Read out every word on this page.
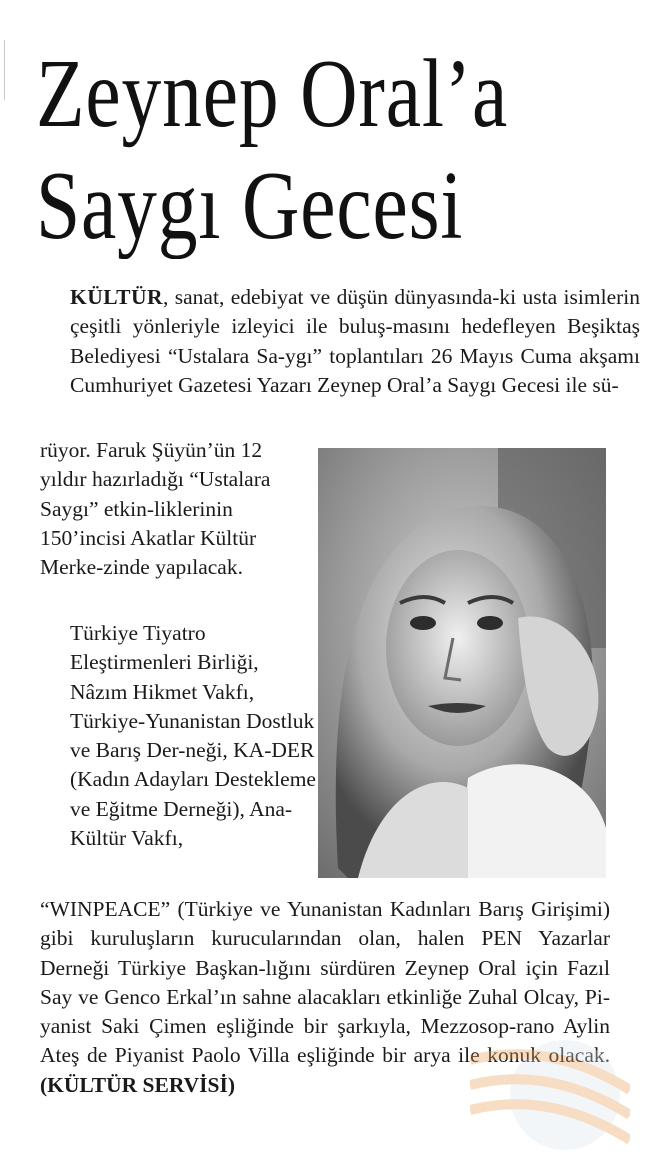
Zeynep Oral’a
Saygı Gecesi
KÜLTÜR, sanat, edebiyat ve düşün dünyasında-ki usta isimlerin çeşitli yönleriyle izleyici ile buluş-masını hedefleyen Beşiktaş Belediyesi “Ustalara Sa-ygı” toplantıları 26 Mayıs Cuma akşamı Cumhuriyet Gazetesi Yazarı Zeynep Oral’a Saygı Gecesi ile sü-
rüyor. Faruk Şüyün’ün 12 yıldır hazırladığı “Ustalara Saygı” etkin-liklerinin 150’incisi Akatlar Kültür Merke-zinde yapılacak.
Türkiye Tiyatro Eleştirmenleri Birliği, Nâzım Hikmet Vakfı, Türkiye-Yunanistan Dostluk ve Barış Der-neği, KA-DER (Kadın Adayları Destekleme ve Eğitme Derneği), Ana-Kültür Vakfı,
“WINPEACE” (Türkiye ve Yunanistan Kadınları Barış Girişimi) gibi kuruluşların kurucularından olan, halen PEN Yazarlar Derneği Türkiye Başkan-lığını sürdüren Zeynep Oral için Fazıl Say ve Genco Erkal’ın sahne alacakları etkinliğe Zuhal Olcay, Pi-yanist Saki Çimen eşliğinde bir şarkıyla, Mezzosop-rano Aylin Ateş de Piyanist Paolo Villa eşliğinde bir arya ile konuk olacak. (KÜLTÜR SERVİSİ)
